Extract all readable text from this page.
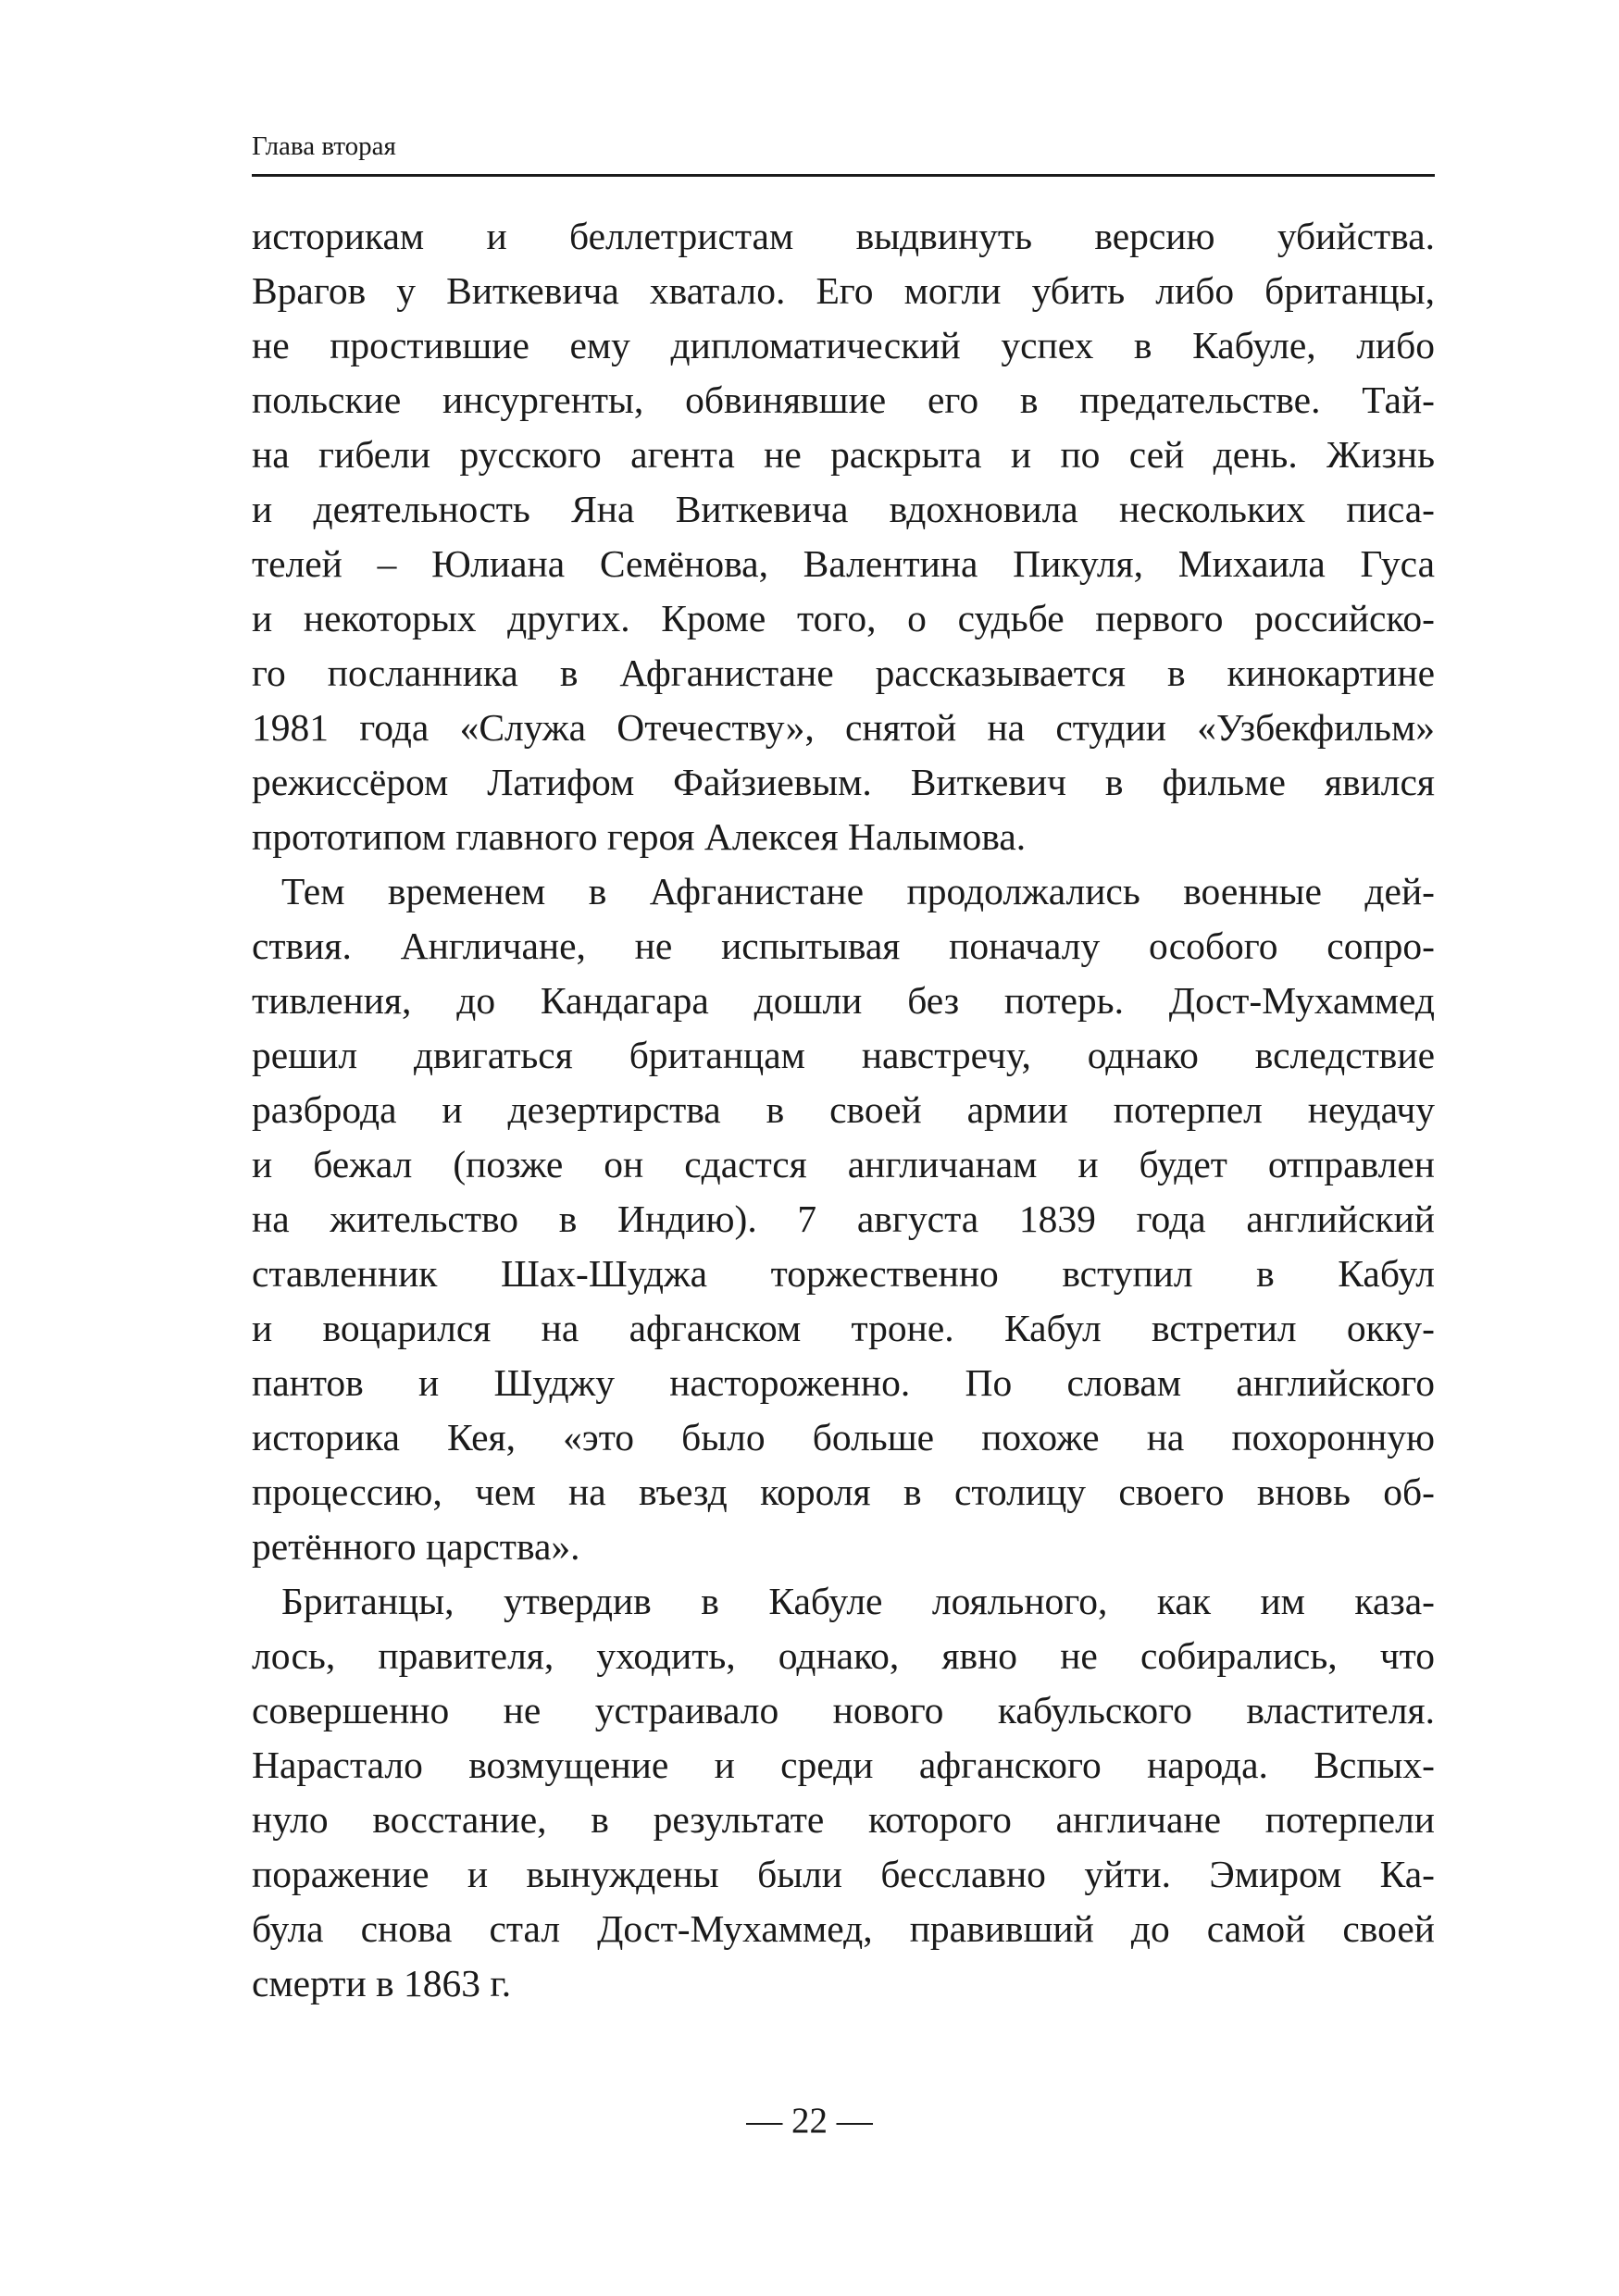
Глава вторая
историкам и беллетристам выдвинуть версию убийства.
Врагов у Виткевича хватало. Его могли убить либо британцы,
не простившие ему дипломатический успех в Кабуле, либо
польские инсургенты, обвинявшие его в предательстве. Тай-
на гибели русского агента не раскрыта и по сей день. Жизнь
и деятельность Яна Виткевича вдохновила нескольких писа-
телей – Юлиана Семёнова, Валентина Пикуля, Михаила Гуса
и некоторых других. Кроме того, о судьбе первого российско-
го посланника в Афганистане рассказывается в кинокартине
1981 года «Служа Отечеству», снятой на студии «Узбекфильм»
режиссёром Латифом Файзиевым. Виткевич в фильме явился
прототипом главного героя Алексея Налымова.
Тем временем в Афганистане продолжались военные дей-
ствия. Англичане, не испытывая поначалу особого сопро-
тивления, до Кандагара дошли без потерь. Дост-Мухаммед
решил двигаться британцам навстречу, однако вследствие
разброда и дезертирства в своей армии потерпел неудачу
и бежал (позже он сдастся англичанам и будет отправлен
на жительство в Индию). 7 августа 1839 года английский
ставленник Шах-Шуджа торжественно вступил в Кабул
и воцарился на афганском троне. Кабул встретил окку-
пантов и Шуджу настороженно. По словам английского
историка Кея, «это было больше похоже на похоронную
процессию, чем на въезд короля в столицу своего вновь об-
ретённого царства».
Британцы, утвердив в Кабуле лояльного, как им каза-
лось, правителя, уходить, однако, явно не собирались, что
совершенно не устраивало нового кабульского властителя.
Нарастало возмущение и среди афганского народа. Вспых-
нуло восстание, в результате которого англичане потерпели
поражение и вынуждены были бесславно уйти. Эмиром Ка-
була снова стал Дост-Мухаммед, правивший до самой своей
смерти в 1863 г.
— 22 —
